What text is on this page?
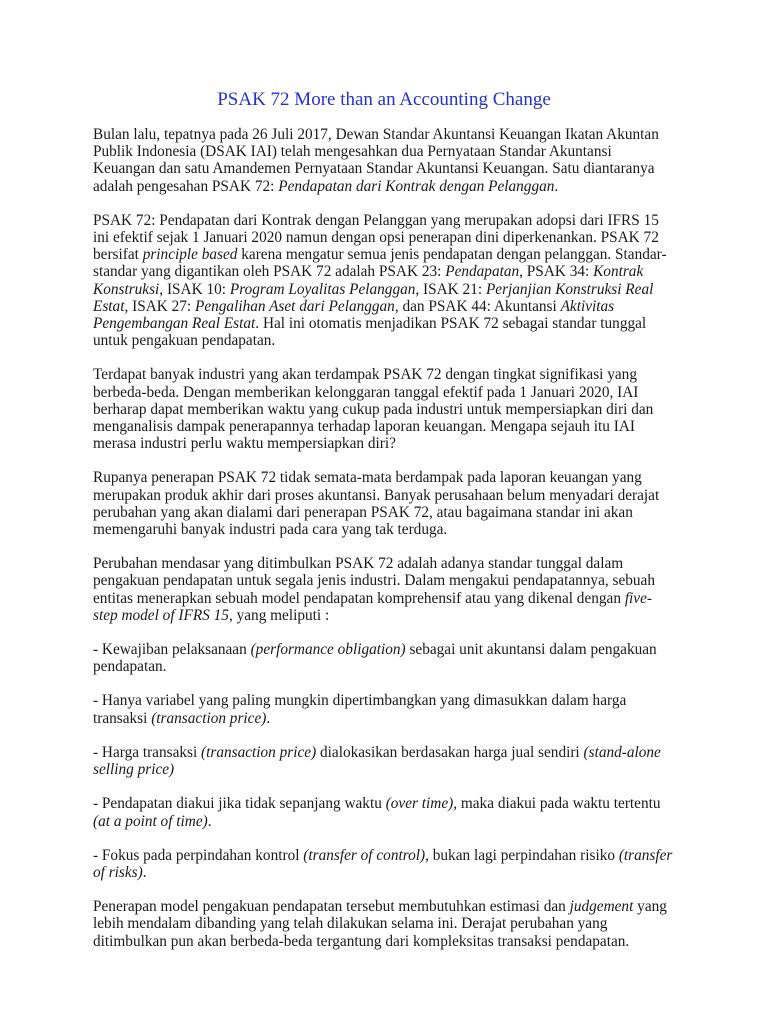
PSAK 72 More than an Accounting Change

Bulan lalu, tepatnya pada 26 Juli 2017, Dewan Standar Akuntansi Keuangan Ikatan Akuntan Publik Indonesia (DSAK IAI) telah mengesahkan dua Pernyataan Standar Akuntansi Keuangan dan satu Amandemen Pernyataan Standar Akuntansi Keuangan. Satu diantaranya adalah pengesahan PSAK 72: Pendapatan dari Kontrak dengan Pelanggan.

PSAK 72: Pendapatan dari Kontrak dengan Pelanggan yang merupakan adopsi dari IFRS 15 ini efektif sejak 1 Januari 2020 namun dengan opsi penerapan dini diperkenankan. PSAK 72 bersifat principle based karena mengatur semua jenis pendapatan dengan pelanggan. Standar-standar yang digantikan oleh PSAK 72 adalah PSAK 23: Pendapatan, PSAK 34: Kontrak Konstruksi, ISAK 10: Program Loyalitas Pelanggan, ISAK 21: Perjanjian Konstruksi Real Estat, ISAK 27: Pengalihan Aset dari Pelanggan, dan PSAK 44: Akuntansi Aktivitas Pengembangan Real Estat. Hal ini otomatis menjadikan PSAK 72 sebagai standar tunggal untuk pengakuan pendapatan.

Terdapat banyak industri yang akan terdampak PSAK 72 dengan tingkat signifikasi yang berbeda-beda. Dengan memberikan kelonggaran tanggal efektif pada 1 Januari 2020, IAI berharap dapat memberikan waktu yang cukup pada industri untuk mempersiapkan diri dan menganalisis dampak penerapannya terhadap laporan keuangan. Mengapa sejauh itu IAI merasa industri perlu waktu mempersiapkan diri?

Rupanya penerapan PSAK 72 tidak semata-mata berdampak pada laporan keuangan yang merupakan produk akhir dari proses akuntansi. Banyak perusahaan belum menyadari derajat perubahan yang akan dialami dari penerapan PSAK 72, atau bagaimana standar ini akan memengaruhi banyak industri pada cara yang tak terduga.

Perubahan mendasar yang ditimbulkan PSAK 72 adalah adanya standar tunggal dalam pengakuan pendapatan untuk segala jenis industri. Dalam mengakui pendapatannya, sebuah entitas menerapkan sebuah model pendapatan komprehensif atau yang dikenal dengan five-step model of IFRS 15, yang meliputi :

- Kewajiban pelaksanaan (performance obligation) sebagai unit akuntansi dalam pengakuan pendapatan.

- Hanya variabel yang paling mungkin dipertimbangkan yang dimasukkan dalam harga transaksi (transaction price).

- Harga transaksi (transaction price) dialokasikan berdasakan harga jual sendiri (stand-alone selling price)

- Pendapatan diakui jika tidak sepanjang waktu (over time), maka diakui pada waktu tertentu (at a point of time).

- Fokus pada perpindahan kontrol (transfer of control), bukan lagi perpindahan risiko (transfer of risks).

Penerapan model pengakuan pendapatan tersebut membutuhkan estimasi dan judgement yang lebih mendalam dibanding yang telah dilakukan selama ini. Derajat perubahan yang ditimbulkan pun akan berbeda-beda tergantung dari kompleksitas transaksi pendapatan.
